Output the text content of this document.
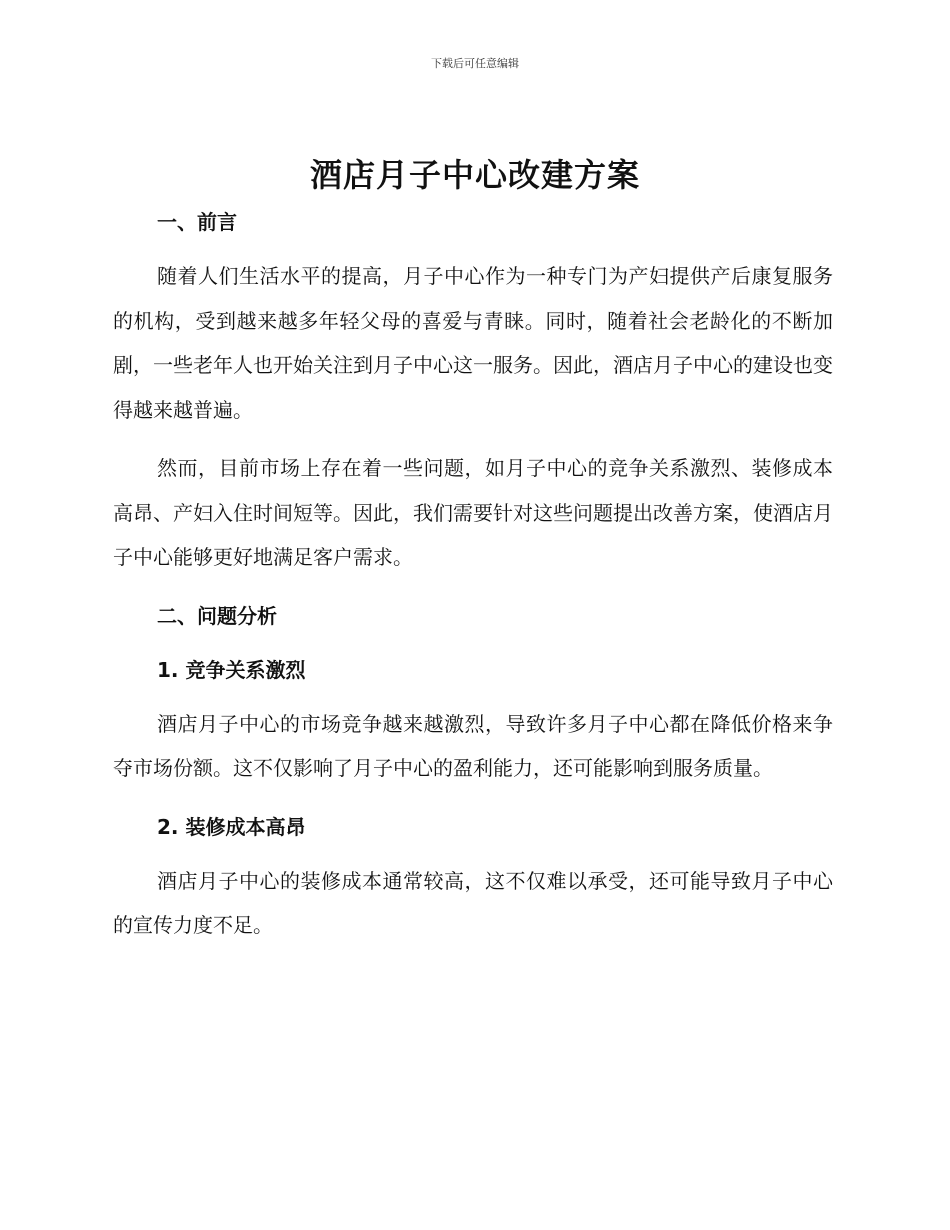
下载后可任意编辑
酒店月子中心改建方案
一、前言

随着人们生活水平的提高，月子中心作为一种专门为产妇提供产后康复服务的机构，受到越来越多年轻父母的喜爱与青睐。同时，随着社会老龄化的不断加剧，一些老年人也开始关注到月子中心这一服务。因此，酒店月子中心的建设也变得越来越普遍。

然而，目前市场上存在着一些问题，如月子中心的竞争关系激烈、装修成本高昂、产妇入住时间短等。因此，我们需要针对这些问题提出改善方案，使酒店月子中心能够更好地满足客户需求。

二、问题分析
1. 竞争关系激烈

酒店月子中心的市场竞争越来越激烈，导致许多月子中心都在降低价格来争夺市场份额。这不仅影响了月子中心的盈利能力，还可能影响到服务质量。

2. 装修成本高昂

酒店月子中心的装修成本通常较高，这不仅难以承受，还可能导致月子中心的宣传力度不足。
